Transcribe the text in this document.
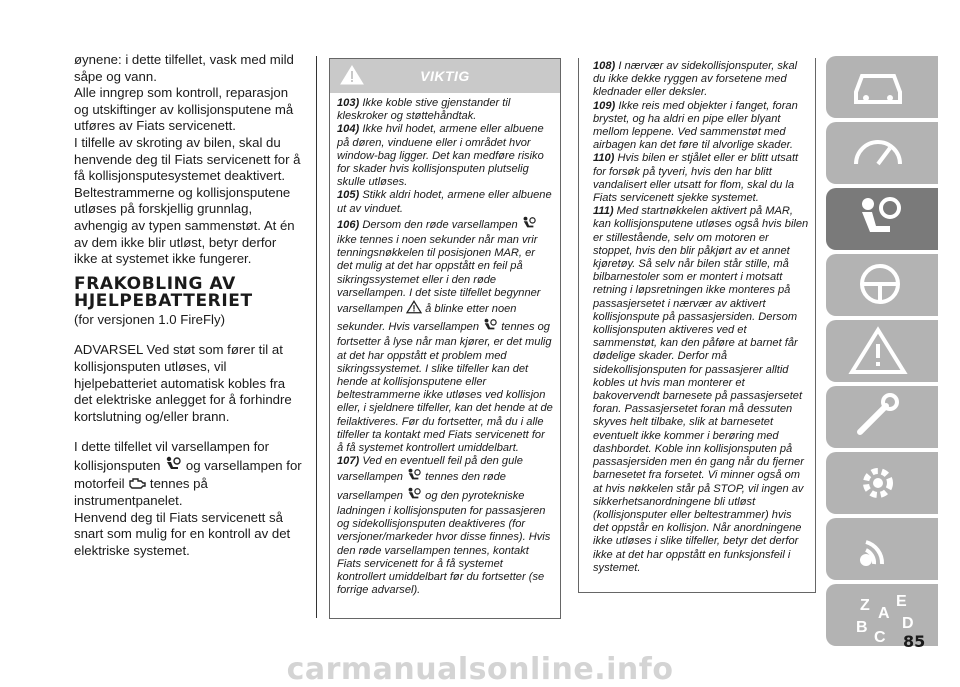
øynene: i dette tilfellet, vask med mild såpe og vann.

Alle inngrep som kontroll, reparasjon og utskiftinger av kollisjonsputene må utføres av Fiats servicenett.

I tilfelle av skroting av bilen, skal du henvende deg til Fiats servicenett for å få kollisjonsputesystemet deaktivert.

Beltestrammerne og kollisjonsputene utløses på forskjellig grunnlag, avhengig av typen sammenstøt. At én av dem ikke blir utløst, betyr derfor ikke at systemet ikke fungerer.

FRAKOBLING AV HJELPEBATTERIET

(for versjonen 1.0 FireFly)

ADVARSEL Ved støt som fører til at kollisjonsputen utløses, vil hjelpebatteriet automatisk kobles fra det elektriske anlegget for å forhindre kortslutning og/eller brann.

I dette tilfellet vil varsellampen for kollisjonsputen og varsellampen for motorfeil tennes på instrumentpanelet.

Henvend deg til Fiats servicenett så snart som mulig for en kontroll av det elektriske systemet.

VIKTIG

103) Ikke koble stive gjenstander til kleskroker og støttehåndtak.

104) Ikke hvil hodet, armene eller albuene på døren, vinduene eller i området hvor window-bag ligger. Det kan medføre risiko for skader hvis kollisjonsputen plutselig skulle utløses.

105) Stikk aldri hodet, armene eller albuene ut av vinduet.

106) Dersom den røde varsellampen  ikke tennes i noen sekunder når man vrir tenningsnøkkelen til posisjonen MAR, er det mulig at det har oppstått en feil på sikringssystemet eller i den røde varsellampen. I det siste tilfellet begynner varsellampen å blinke etter noen sekunder. Hvis varsellampen tennes og fortsetter å lyse når man kjører, er det mulig at det har oppstått et problem med sikringssystemet. I slike tilfeller kan det hende at kollisjonsputene eller beltestrammerne ikke utløses ved kollisjon eller, i sjeldnere tilfeller, kan det hende at de feilaktiveres. Før du fortsetter, må du i alle tilfeller ta kontakt med Fiats servicenett for å få systemet kontrollert umiddelbart.

107) Ved en eventuell feil på den gule varsellampen tennes den røde varsellampen og den pyrotekniske ladningen i kollisjonsputen for passasjeren og sidekollisjonsputen deaktiveres (for versjoner/markeder hvor disse finnes). Hvis den røde varsellampen tennes, kontakt Fiats servicenett for å få systemet kontrollert umiddelbart før du fortsetter (se forrige advarsel).

108) I nærvær av sidekollisjonsputer, skal du ikke dekke ryggen av forsetene med klednader eller deksler.

109) Ikke reis med objekter i fanget, foran brystet, og ha aldri en pipe eller blyant mellom leppene. Ved sammenstøt med airbagen kan det føre til alvorlige skader.

110) Hvis bilen er stjålet eller er blitt utsatt for forsøk på tyveri, hvis den har blitt vandalisert eller utsatt for flom, skal du la Fiats servicenett sjekke systemet.

111) Med startnøkkelen aktivert på MAR, kan kollisjonsputene utløses også hvis bilen er stillestående, selv om motoren er stoppet, hvis den blir påkjørt av et annet kjøretøy. Så selv når bilen står stille, må bilbarnestoler som er montert i motsatt retning i løpsretningen ikke monteres på passasjersetet i nærvær av aktivert kollisjonspute på passasjersiden. Dersom kollisjonsputen aktiveres ved et sammenstøt, kan den påføre at barnet får dødelige skader. Derfor må sidekollisjonsputen for passasjerer alltid kobles ut hvis man monterer et bakovervendt barnesete på passasjersetet foran. Passasjersetet foran må dessuten skyves helt tilbake, slik at barnesetet eventuelt ikke kommer i berøring med dashbordet. Koble inn kollisjonsputen på passasjersiden men én gang når du fjerner barnesetet fra forsetet. Vi minner også om at hvis nøkkelen står på STOP, vil ingen av sikkerhetsanordningene bli utløst (kollisjonsputer eller beltestrammer) hvis det oppstår en kollisjon. Når anordningene ikke utløses i slike tilfeller, betyr det derfor ikke at det har oppstått en funksjonsfeil i systemet.

Z E
A
B D
C 85
carmanualsonline.info
